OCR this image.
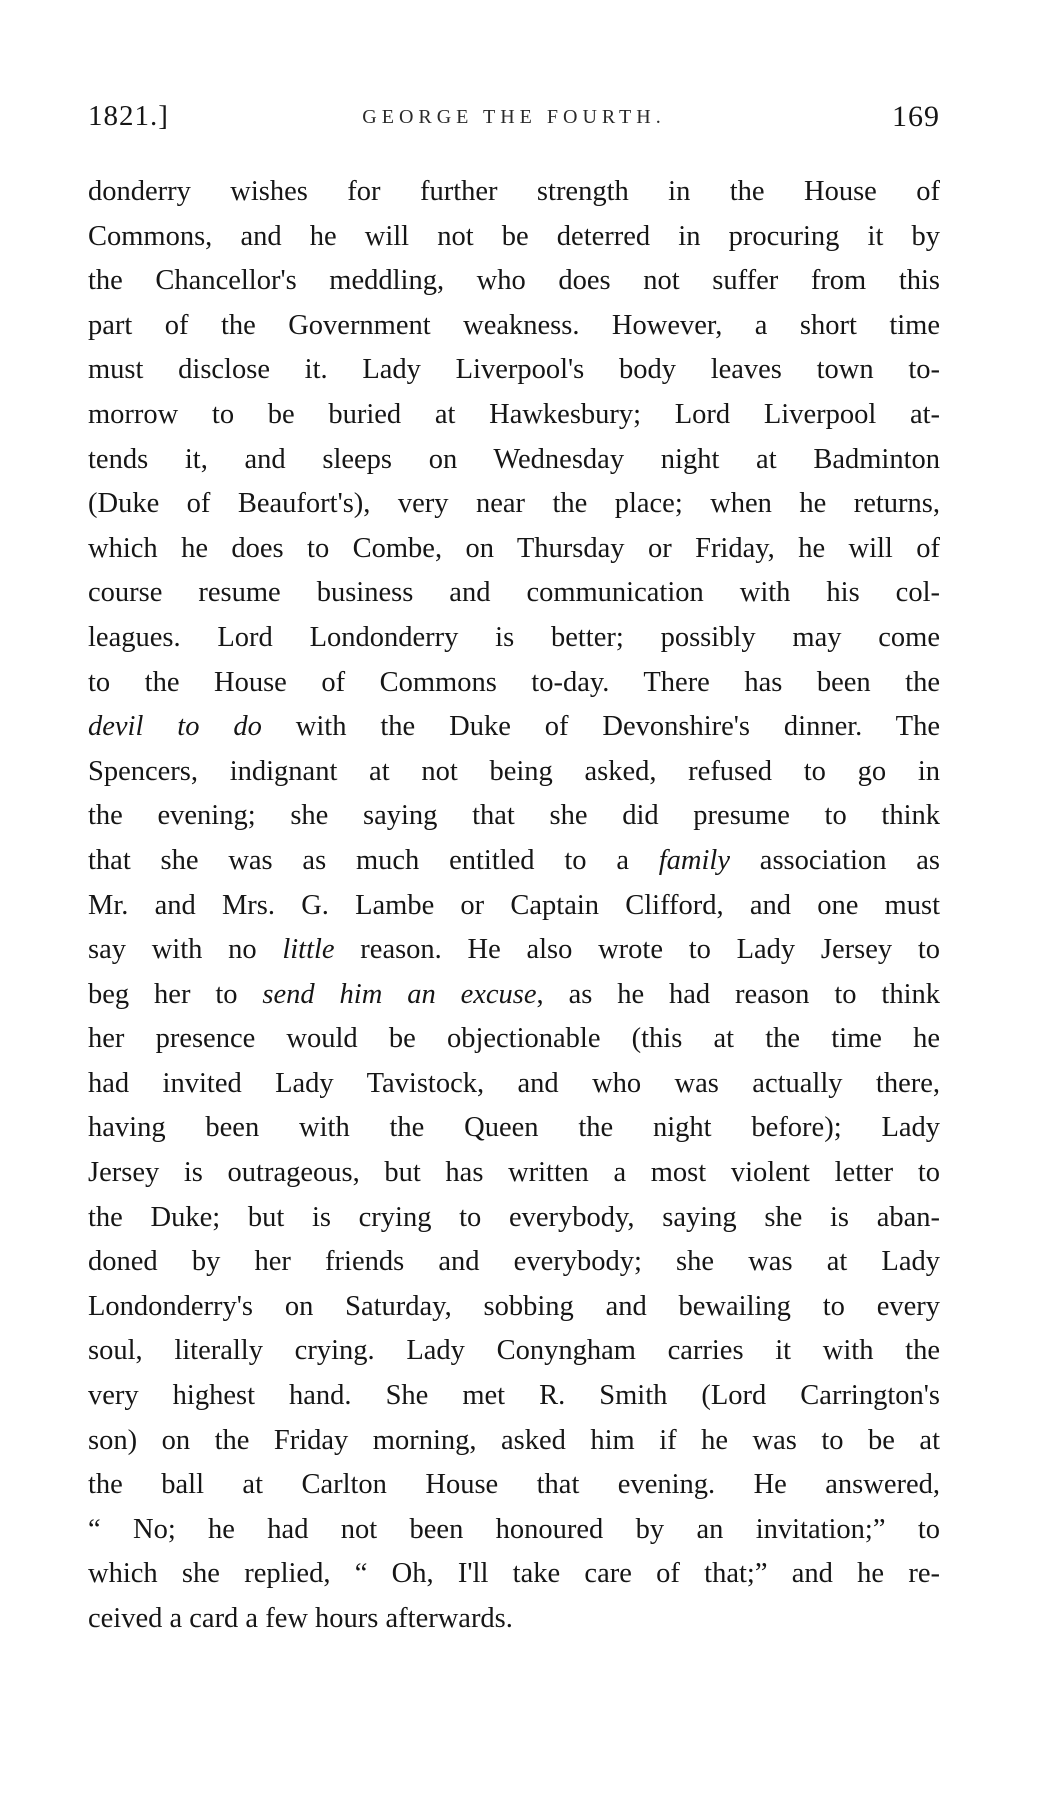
1821.]	GEORGE THE FOURTH.	169
donderry wishes for further strength in the House of
Commons, and he will not be deterred in procuring it by
the Chancellor's meddling, who does not suffer from this
part of the Government weakness. However, a short time
must disclose it. Lady Liverpool's body leaves town to-
morrow to be buried at Hawkesbury; Lord Liverpool at-
tends it, and sleeps on Wednesday night at Badminton
(Duke of Beaufort's), very near the place; when he returns,
which he does to Combe, on Thursday or Friday, he will of
course resume business and communication with his col-
leagues. Lord Londonderry is better; possibly may come
to the House of Commons to-day. There has been the
devil to do with the Duke of Devonshire's dinner. The
Spencers, indignant at not being asked, refused to go in
the evening; she saying that she did presume to think
that she was as much entitled to a family association as
Mr. and Mrs. G. Lambe or Captain Clifford, and one must
say with no little reason. He also wrote to Lady Jersey to
beg her to send him an excuse, as he had reason to think
her presence would be objectionable (this at the time he
had invited Lady Tavistock, and who was actually there,
having been with the Queen the night before); Lady
Jersey is outrageous, but has written a most violent letter to
the Duke; but is crying to everybody, saying she is aban-
doned by her friends and everybody; she was at Lady
Londonderry's on Saturday, sobbing and bewailing to every
soul, literally crying. Lady Conyngham carries it with the
very highest hand. She met R. Smith (Lord Carrington's
son) on the Friday morning, asked him if he was to be at
the ball at Carlton House that evening. He answered,
“ No; he had not been honoured by an invitation;” to
which she replied, “ Oh, I'll take care of that;” and he re-
ceived a card a few hours afterwards.
